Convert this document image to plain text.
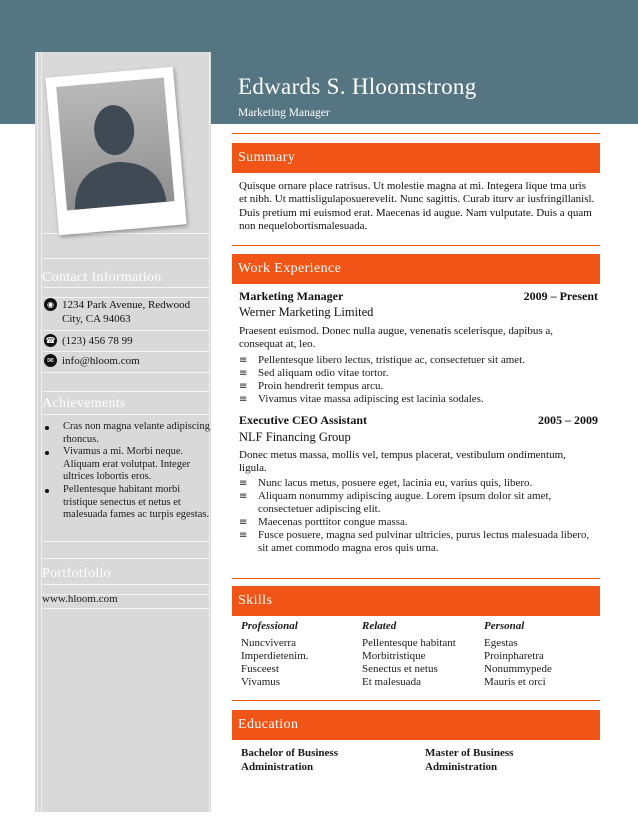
Contact Information
◉ 1234 Park Avenue, Redwood City, CA 94063
☎ (123) 456 78 99
✉ info@hloom.com
Achievements
Cras non magna velante adipiscing rhoncus.
Vivamus a mi. Morbi neque. Aliquam erat volutpat. Integer ultrices lobortis eros.
Pellentesque habitant morbi tristique senectus et netus et malesuada fames ac turpis egestas.
Portfotfolio
www.hloom.com
Edwards S. Hloomstrong
Marketing Manager
Summary
Quisque ornare place ratrisus. Ut molestie magna at mi. Integera lique tma uris et nibh. Ut mattisligulaposuerevelit. Nunc sagittis. Curab iturv ar iusfringillanisl. Duis pretium mi euismod erat. Maecenas id augue. Nam vulputate. Duis a quam non nequelobortismalesuada.
Work Experience
Marketing Manager	2009 – Present
Werner Marketing Limited
Praesent euismod. Donec nulla augue, venenatis scelerisque, dapibus a, consequat at, leo.
≡ Pellentesque libero lectus, tristique ac, consectetuer sit amet.
≡ Sed aliquam odio vitae tortor.
≡ Proin hendrerit tempus arcu.
≡ Vivamus vitae massa adipiscing est lacinia sodales.
Executive CEO Assistant	2005 – 2009
NLF Financing Group
Donec metus massa, mollis vel, tempus placerat, vestibulum ondimentum, ligula.
≡ Nunc lacus metus, posuere eget, lacinia eu, varius quis, libero.
≡ Aliquam nonummy adipiscing augue. Lorem ipsum dolor sit amet, consectetuer adipiscing elit.
≡ Maecenas porttitor congue massa.
≡ Fusce posuere, magna sed pulvinar ultricies, purus lectus malesuada libero, sit amet commodo magna eros quis urna.
Skills
Professional
Nuncviverra
Imperdietenim.
Fusceest
Vivamus
Related
Pellentesque habitant
Morbitristique
Senectus et netus
Et malesuada
Personal
Egestas
Proinpharetra
Nonummypede
Mauris et orci
Education
Bachelor of Business Administration
Master of Business Administration
